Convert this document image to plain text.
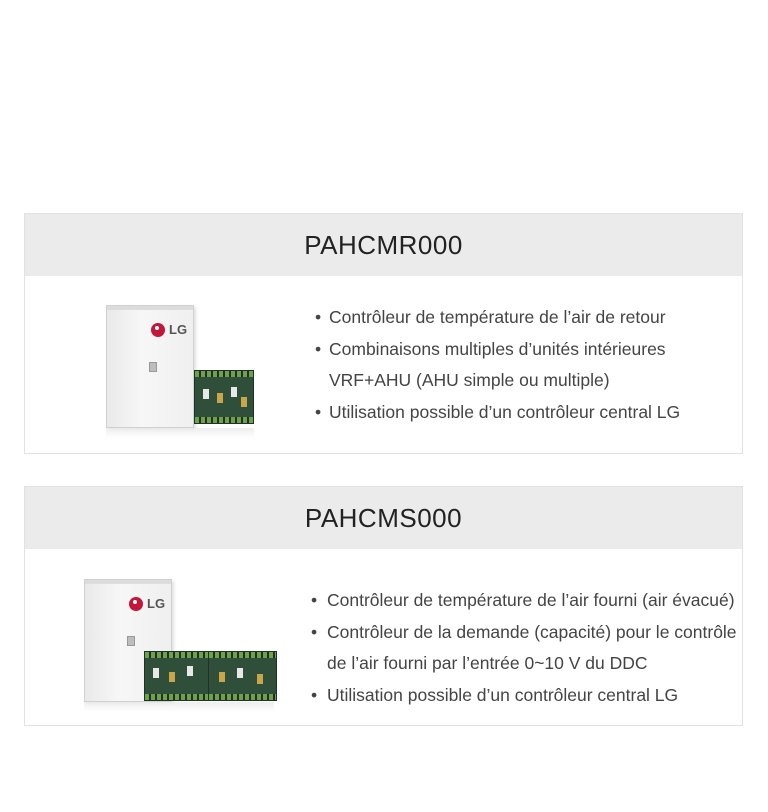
PAHCMR000
LG
• Contrôleur de température de l’air de retour
• Combinaisons multiples d’unités intérieures VRF+AHU (AHU simple ou multiple)
• Utilisation possible d’un contrôleur central LG
PAHCMS000
LG	• Contrôleur de température de l’air fourni (air évacué)
• Contrôleur de la demande (capacité) pour le contrôle de l’air fourni par l’entrée 0~10 V du DDC
• Utilisation possible d’un contrôleur central LG
